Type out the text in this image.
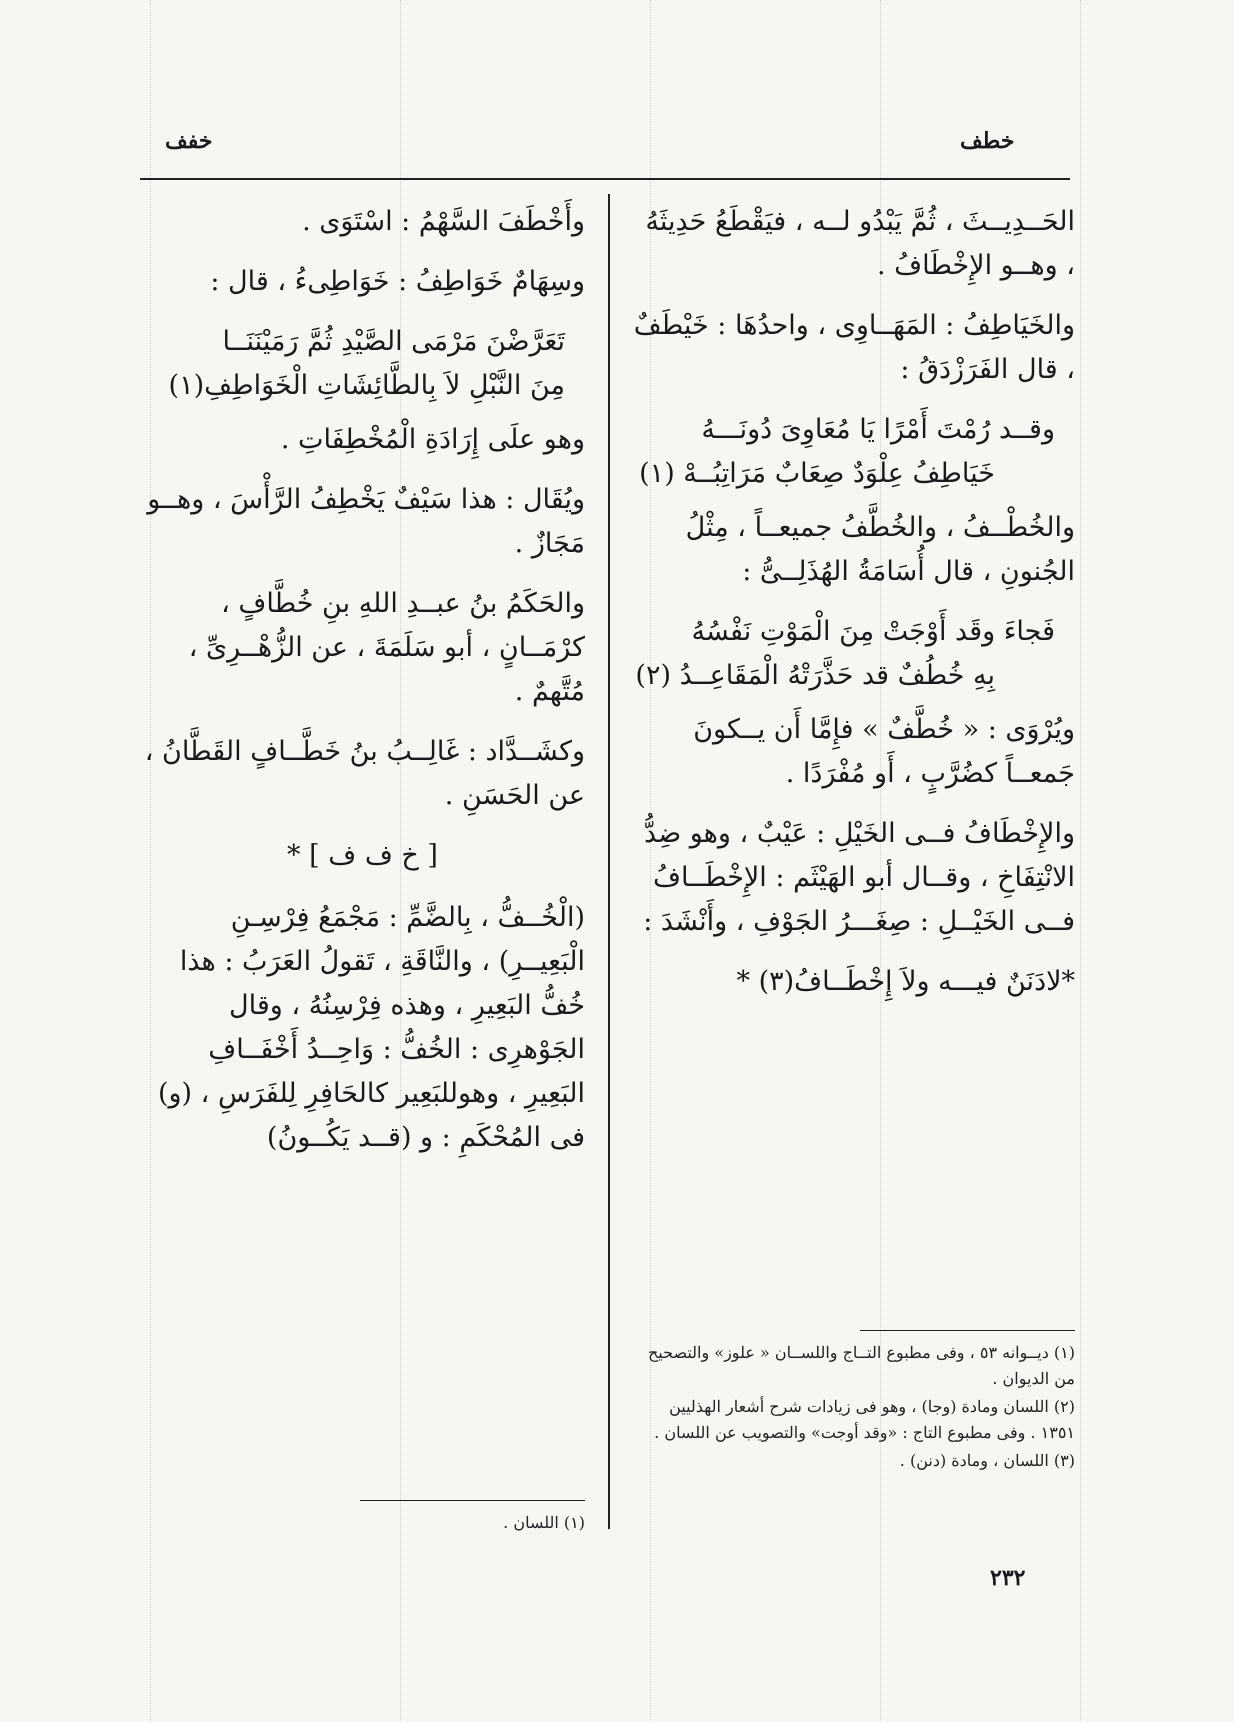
خطف
خفف

الحَــدِيــثَ ، ثُمَّ يَبْدُو لــه ، فيَقْطَعُ حَدِيثَهُ ، وهــو الإِخْطَافُ .

والخَيَاطِفُ : المَهَــاوِى ، واحدُهَا : خَيْطَفٌ ، قال الفَرَزْدَقُ :

وقــد رُمْتَ أَمْرًا يَا مُعَاوِىَ دُونَـــهُ
خَيَاطِفُ عِلْوَدٌ صِعَابٌ مَرَاتِبُــهْ (١)

والخُطْــفُ ، والخُطَّفُ جميعــاً ، مِثْلُ الجُنونِ ، قال أُسَامَةُ الهُذَلِــىُّ :

فَجاءَ وقَد أَوْجَتْ مِنَ الْمَوْتِ نَفْسُهُ
بِهِ خُطُفٌ قد حَذَّرَتْهُ الْمَقَاعِــدُ (٢)

ويُرْوَى : « خُطَّفٌ » فإِمَّا أَن يــكونَ جَمعــاً كضُرَّبٍ ، أَو مُفْرَدًا .

والإِخْطَافُ فــى الخَيْلِ : عَيْبٌ ، وهو ضِدُّ الانْتِفَاخِ ، وقــال أبو الهَيْثَم : الإِخْطَــافُ فــى الخَيْــلِ : صِغَـــرُ الجَوْفِ ، وأَنْشَدَ :

*لادَنَنٌ فيـــه ولاَ إِخْطَــافُ(٣) *

وأَخْطَفَ السَّهْمُ : اسْتَوَى .

وسِهَامٌ خَوَاطِفُ : خَوَاطِىءُ ، قال :

تَعَرَّضْنَ مَرْمَى الصَّيْدِ ثُمَّ رَمَيْنَنَــا
مِنَ النَّبْلِ لاَ بِالطَّائِشَاتِ الْخَوَاطِفِ(١)

وهو علَى إِرَادَةِ الْمُخْطِفَاتِ .

ويُقَال : هذا سَيْفٌ يَخْطِفُ الرَّأْسَ ، وهــو مَجَازٌ .

والحَكَمُ بنُ عبــدِ اللهِ بنِ خُطَّافٍ ، كرْمَــانٍ ، أبو سَلَمَةَ ، عن الزُّهْــرِىِّ ، مُتَّهمٌ .

وكشَــدَّاد : غَالِــبُ بنُ خَطَّــافٍ القَطَّانُ ، عن الحَسَنِ .

[ خ ف ف ] *

(الْخُــفُّ ، بِالضَّمِّ : مَجْمَعُ فِرْسِـنِ الْبَعِيــرِ) ، والنَّاقَةِ ، تَقولُ العَرَبُ : هذا خُفُّ البَعِيرِ ، وهذه فِرْسِنُهُ ، وقال الجَوْهرِى : الخُفُّ : وَاحِــدُ أَخْفَــافِ البَعِيرِ ، وهوللبَعِير كالحَافِرِ لِلفَرَسِ ، (و) فى المُحْكَمِ : و (قــد يَكُــونُ)

(١) ديــوانه ٥٣ ، وفى مطبوع التــاج واللســان « علوز» والتصحيح من الديوان .

(٢) اللسان ومادة (وجا) ، وهو فى زيادات شرح أشعار الهذليين ١٣٥١ . وفى مطبوع التاج : «وقد أوجت» والتصويب عن اللسان .

(٣) اللسان ، ومادة (دنن) .

(١) اللسان .

٢٣٢
